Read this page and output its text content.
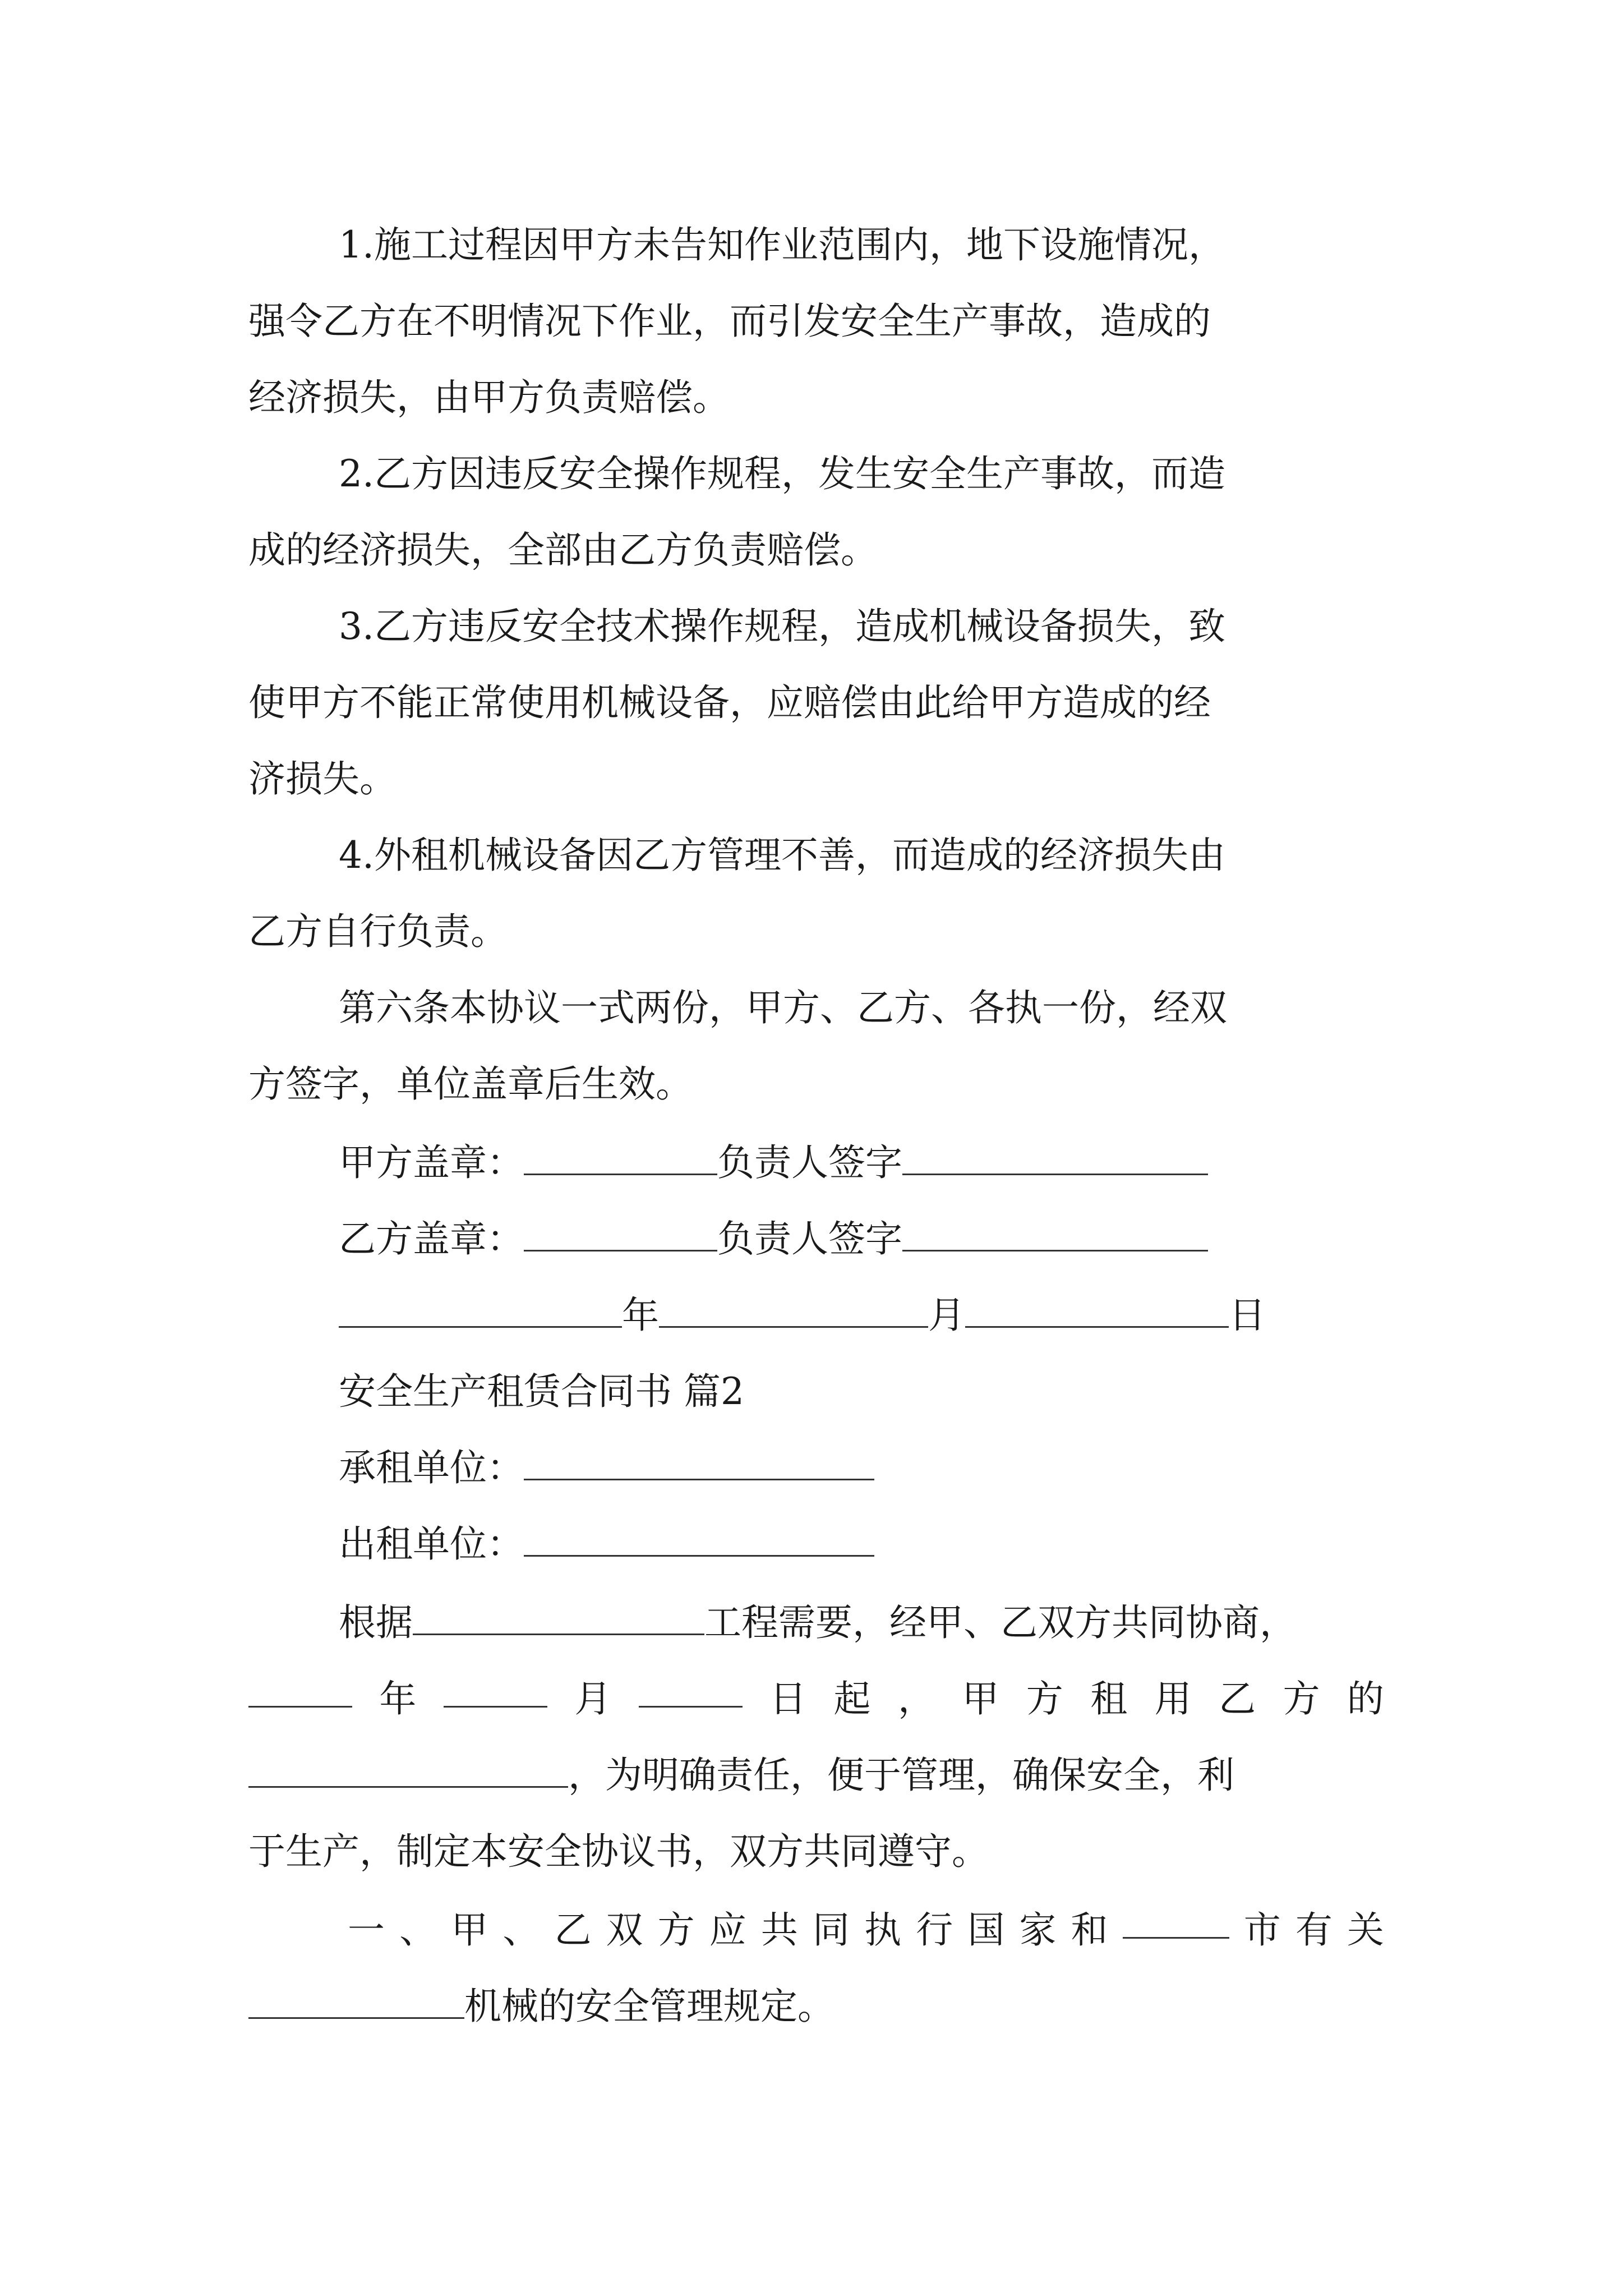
1.施工过程因甲方未告知作业范围内，地下设施情况，
强令乙方在不明情况下作业，而引发安全生产事故，造成的
经济损失，由甲方负责赔偿。
2.乙方因违反安全操作规程，发生安全生产事故，而造
成的经济损失，全部由乙方负责赔偿。
3.乙方违反安全技术操作规程，造成机械设备损失，致
使甲方不能正常使用机械设备，应赔偿由此给甲方造成的经
济损失。
4.外租机械设备因乙方管理不善，而造成的经济损失由
乙方自行负责。
第六条本协议一式两份，甲方、乙方、各执一份，经双
方签字，单位盖章后生效。
甲方盖章：	负责人签字
乙方盖章：	负责人签字
年	月	日
安全生产租赁合同书 篇2
承租单位：
出租单位：
根据	工程需要，经甲、乙双方共同协商，
年	月	日 起 ， 甲 方 租 用 乙 方 的
，为明确责任，便于管理，确保安全，利
于生产，制定本安全协议书，双方共同遵守。
一 、 甲 、 乙 双 方 应 共 同 执 行 国 家 和	市 有 关
机械的安全管理规定。
